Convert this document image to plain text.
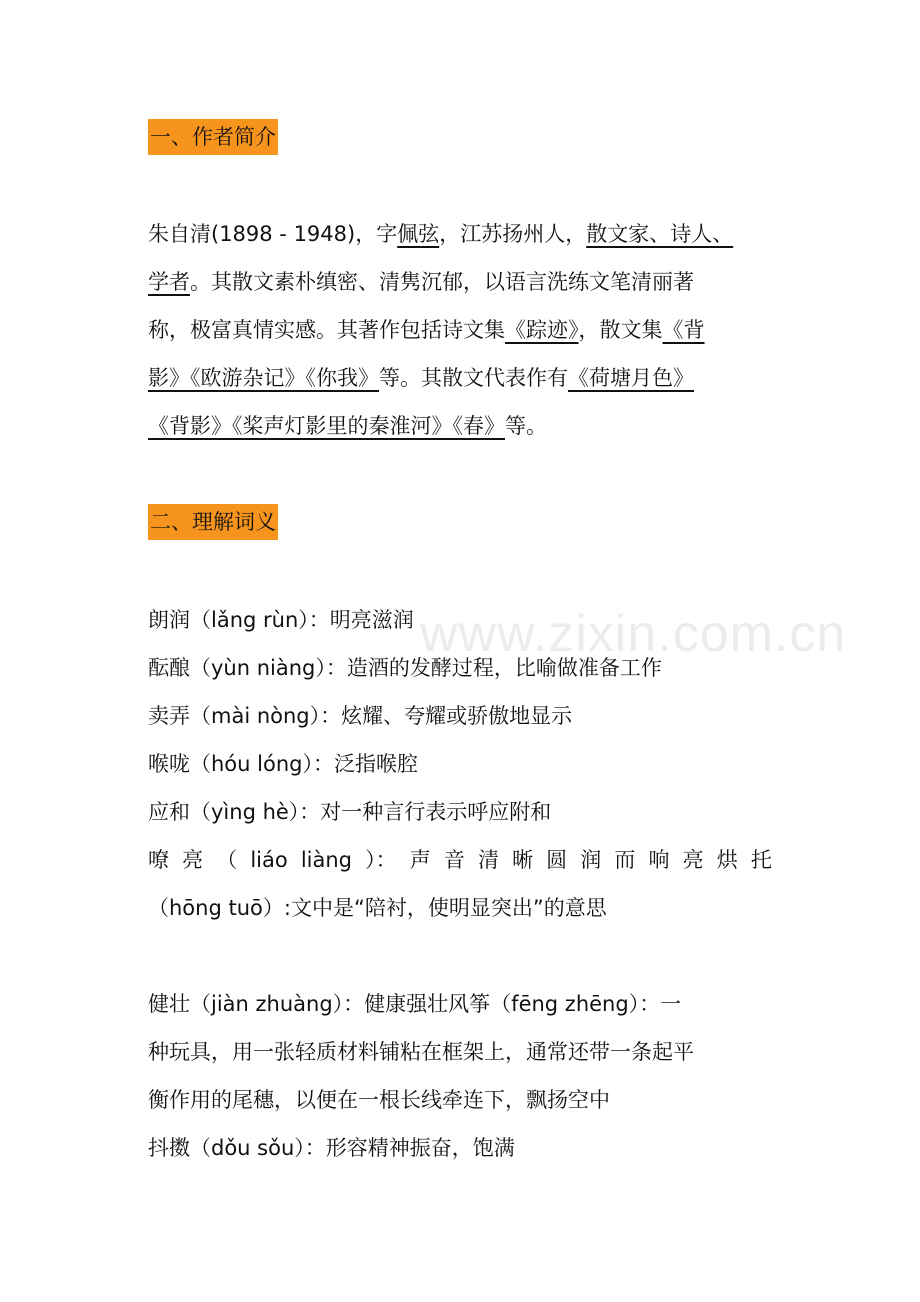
一、作者简介
朱自清(1898 - 1948)，字佩弦，江苏扬州人，散文家、诗人、
学者。其散文素朴缜密、清隽沉郁，以语言洗练文笔清丽著
称，极富真情实感。其著作包括诗文集《踪迹》，散文集《背
影》《欧游杂记》《你我》等。其散文代表作有《荷塘月色》
《背影》《桨声灯影里的秦淮河》《春》等。
二、理解词义
www.zixin.com.cn
朗润（lǎng rùn）：明亮滋润
酝酿（yùn niàng）：造酒的发酵过程，比喻做准备工作
卖弄（mài nòng）：炫耀、夸耀或骄傲地显示
喉咙（hóu lóng）：泛指喉腔
应和（yìng hè）：对一种言行表示呼应附和
嘹 亮 （ liáo liàng ）： 声 音 清 晰 圆 润 而 响 亮 烘 托
（hōng tuō）:文中是“陪衬，使明显突出”的意思
健壮（jiàn zhuàng）：健康强壮风筝（fēng zhēng）：一
种玩具，用一张轻质材料铺粘在框架上，通常还带一条起平
衡作用的尾穗，以便在一根长线牵连下，飘扬空中
抖擞（dǒu sǒu）：形容精神振奋，饱满
